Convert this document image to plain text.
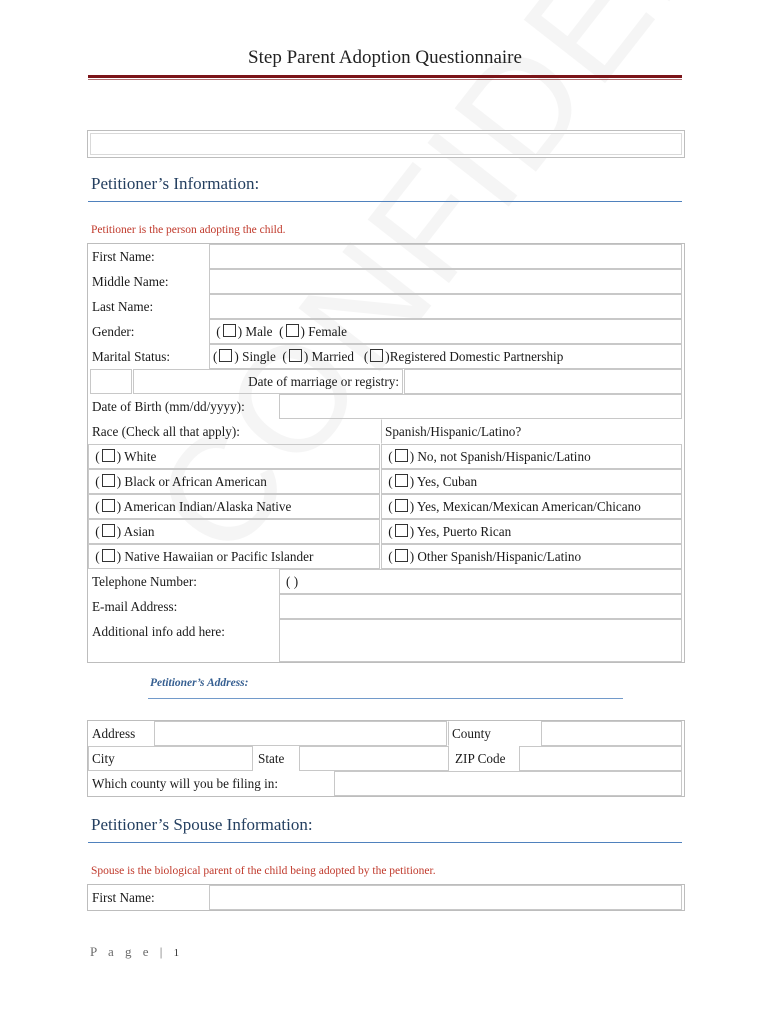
Step Parent Adoption Questionnaire
Petitioner’s Information:
Petitioner is the person adopting the child.
First Name:
Middle Name:
Last Name:
Gender:	( ) Male  ( ) Female
Marital Status:	( ) Single  ( ) Married   ( )Registered Domestic Partnership
Date of marriage or registry:
Date of Birth (mm/dd/yyyy):
Race (Check all that apply):	Spanish/Hispanic/Latino?
( ) White	( ) No, not Spanish/Hispanic/Latino
( ) Black or African American	( ) Yes, Cuban
( ) American Indian/Alaska Native	( ) Yes, Mexican/Mexican American/Chicano
( ) Asian	( ) Yes, Puerto Rican
( ) Native Hawaiian or Pacific Islander	( ) Other Spanish/Hispanic/Latino
Telephone Number:	( )
E-mail Address:
Additional info add here:
Petitioner’s Address:
Address	County
City	State	ZIP Code
Which county will you be filing in:
Petitioner’s Spouse Information:
Spouse is the biological parent of the child being adopted by the petitioner.
First Name:
P a g e | 1
